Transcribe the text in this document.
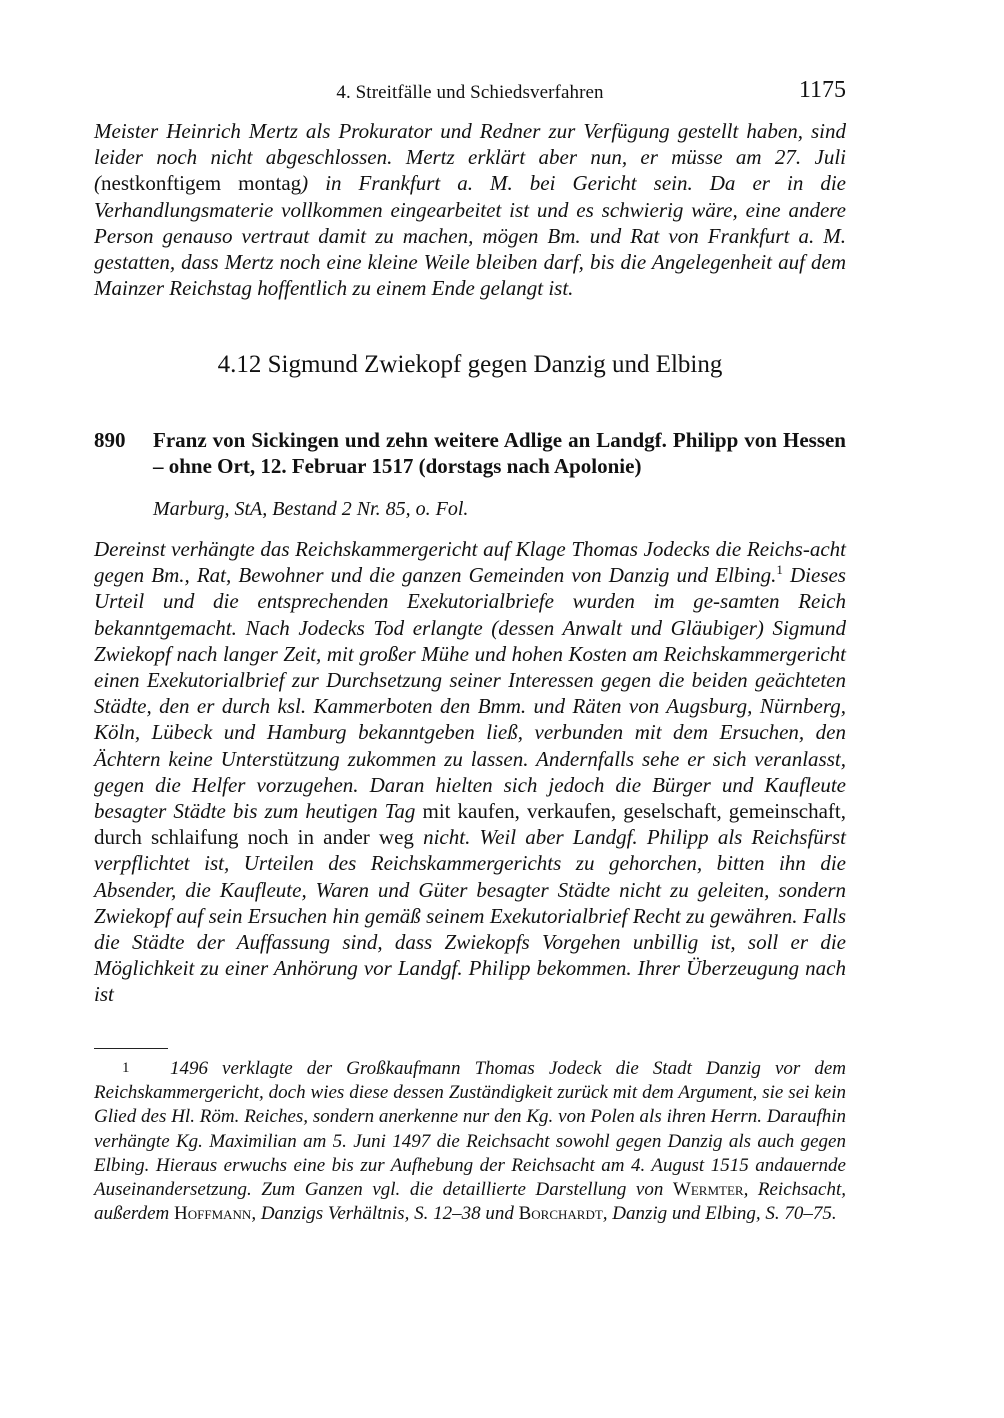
4. Streitfälle und Schiedsverfahren	1175
Meister Heinrich Mertz als Prokurator und Redner zur Verfügung gestellt haben, sind leider noch nicht abgeschlossen. Mertz erklärt aber nun, er müsse am 27. Juli (nestkonftigem montag) in Frankfurt a. M. bei Gericht sein. Da er in die Verhandlungsmaterie vollkommen eingearbeitet ist und es schwierig wäre, eine andere Person genauso vertraut damit zu machen, mögen Bm. und Rat von Frankfurt a. M. gestatten, dass Mertz noch eine kleine Weile bleiben darf, bis die Angelegenheit auf dem Mainzer Reichstag hoffentlich zu einem Ende gelangt ist.
4.12 Sigmund Zwiekopf gegen Danzig und Elbing
890 Franz von Sickingen und zehn weitere Adlige an Landgf. Philipp von Hessen – ohne Ort, 12. Februar 1517 (dorstags nach Apolonie)
Marburg, StA, Bestand 2 Nr. 85, o. Fol.
Dereinst verhängte das Reichskammergericht auf Klage Thomas Jodecks die Reichs-acht gegen Bm., Rat, Bewohner und die ganzen Gemeinden von Danzig und Elbing.$^1$ Dieses Urteil und die entsprechenden Exekutorialbriefe wurden im ge-samten Reich bekanntgemacht. Nach Jodecks Tod erlangte (dessen Anwalt und Gläubiger) Sigmund Zwiekopf nach langer Zeit, mit großer Mühe und hohen Kosten am Reichskammergericht einen Exekutorialbrief zur Durchsetzung seiner Interessen gegen die beiden geächteten Städte, den er durch ksl. Kammerboten den Bmm. und Räten von Augsburg, Nürnberg, Köln, Lübeck und Hamburg bekanntgeben ließ, verbunden mit dem Ersuchen, den Ächtern keine Unterstützung zukommen zu lassen. Andernfalls sehe er sich veranlasst, gegen die Helfer vorzugehen. Daran hielten sich jedoch die Bürger und Kaufleute besagter Städte bis zum heutigen Tag mit kaufen, verkaufen, geselschaft, gemeinschaft, durch schlaifung noch in ander weg nicht. Weil aber Landgf. Philipp als Reichsfürst verpflichtet ist, Urteilen des Reichskammergerichts zu gehorchen, bitten ihn die Absender, die Kaufleute, Waren und Güter besagter Städte nicht zu geleiten, sondern Zwiekopf auf sein Ersuchen hin gemäß seinem Exekutorialbrief Recht zu gewähren. Falls die Städte der Auffassung sind, dass Zwiekopfs Vorgehen unbillig ist, soll er die Möglichkeit zu einer Anhörung vor Landgf. Philipp bekommen. Ihrer Überzeugung nach ist
1 1496 verklagte der Großkaufmann Thomas Jodeck die Stadt Danzig vor dem Reichskammergericht, doch wies diese dessen Zuständigkeit zurück mit dem Argument, sie sei kein Glied des Hl. Röm. Reiches, sondern anerkenne nur den Kg. von Polen als ihren Herrn. Daraufhin verhängte Kg. Maximilian am 5. Juni 1497 die Reichsacht sowohl gegen Danzig als auch gegen Elbing. Hieraus erwuchs eine bis zur Aufhebung der Reichsacht am 4. August 1515 andauernde Auseinandersetzung. Zum Ganzen vgl. die detaillierte Darstellung von Wermter, Reichsacht, außerdem Hoffmann, Danzigs Verhältnis, S. 12–38 und Borchardt, Danzig und Elbing, S. 70–75.
